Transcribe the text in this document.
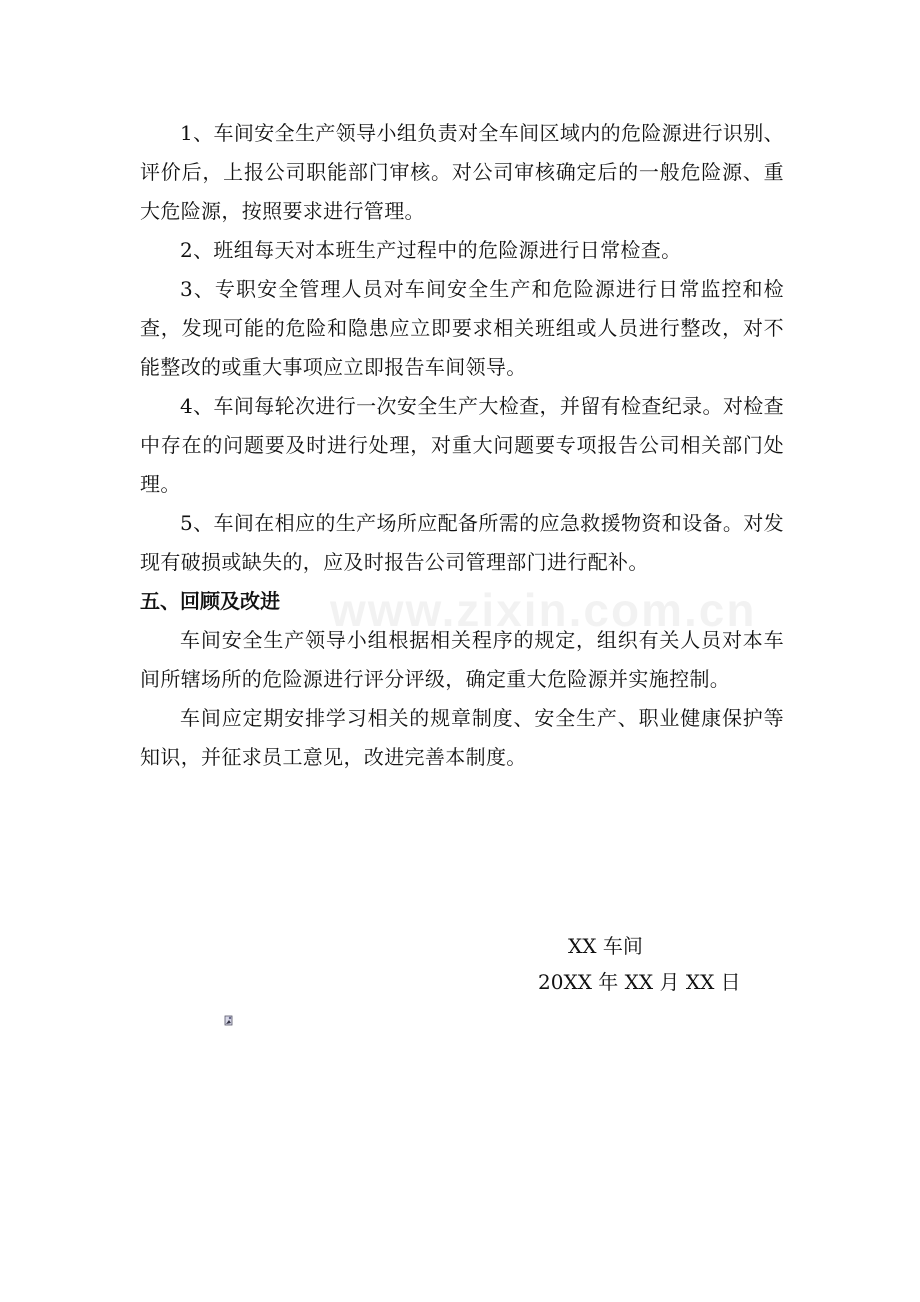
www.zixin.com.cn

1、车间安全生产领导小组负责对全车间区域内的危险源进行识别、评价后，上报公司职能部门审核。对公司审核确定后的一般危险源、重大危险源，按照要求进行管理。

2、班组每天对本班生产过程中的危险源进行日常检查。

3、专职安全管理人员对车间安全生产和危险源进行日常监控和检查，发现可能的危险和隐患应立即要求相关班组或人员进行整改，对不能整改的或重大事项应立即报告车间领导。

4、车间每轮次进行一次安全生产大检查，并留有检查纪录。对检查中存在的问题要及时进行处理，对重大问题要专项报告公司相关部门处理。

5、车间在相应的生产场所应配备所需的应急救援物资和设备。对发现有破损或缺失的，应及时报告公司管理部门进行配补。

五、回顾及改进

车间安全生产领导小组根据相关程序的规定，组织有关人员对本车间所辖场所的危险源进行评分评级，确定重大危险源并实施控制。

车间应定期安排学习相关的规章制度、安全生产、职业健康保护等知识，并征求员工意见，改进完善本制度。

XX 车间
20XX 年 XX 月 XX 日
